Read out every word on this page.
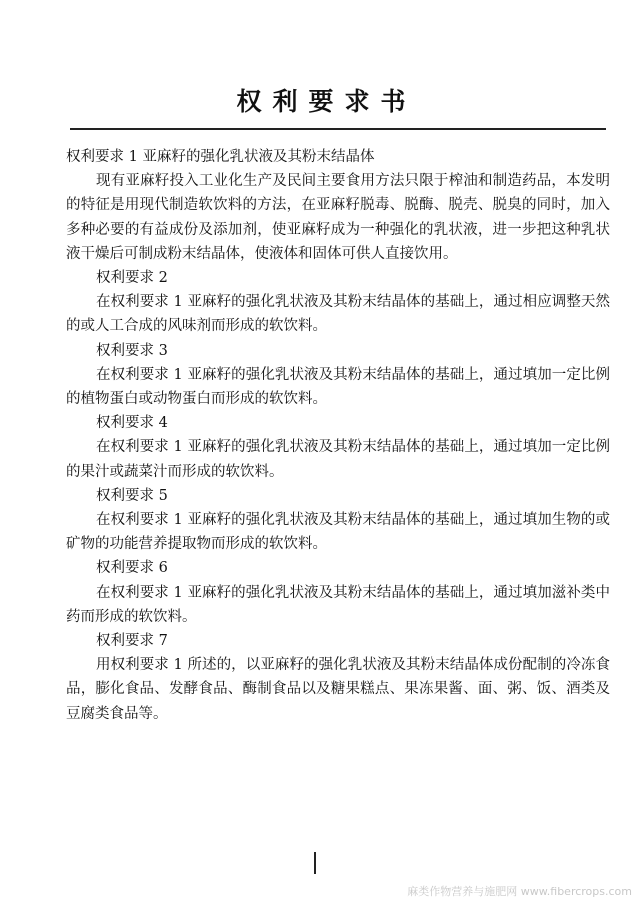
权利要求书

权利要求 1 亚麻籽的强化乳状液及其粉末结晶体

现有亚麻籽投入工业化生产及民间主要食用方法只限于榨油和制造药品，本发明的特征是用现代制造软饮料的方法，在亚麻籽脱毒、脱酶、脱壳、脱臭的同时，加入多种必要的有益成份及添加剂，使亚麻籽成为一种强化的乳状液，进一步把这种乳状液干燥后可制成粉末结晶体，使液体和固体可供人直接饮用。

权利要求 2

在权利要求 1 亚麻籽的强化乳状液及其粉末结晶体的基础上，通过相应调整天然的或人工合成的风味剂而形成的软饮料。

权利要求 3

在权利要求 1 亚麻籽的强化乳状液及其粉末结晶体的基础上，通过填加一定比例的植物蛋白或动物蛋白而形成的软饮料。

权利要求 4

在权利要求 1 亚麻籽的强化乳状液及其粉末结晶体的基础上，通过填加一定比例的果汁或蔬菜汁而形成的软饮料。

权利要求 5

在权利要求 1 亚麻籽的强化乳状液及其粉末结晶体的基础上，通过填加生物的或矿物的功能营养提取物而形成的软饮料。

权利要求 6

在权利要求 1 亚麻籽的强化乳状液及其粉末结晶体的基础上，通过填加滋补类中药而形成的软饮料。

权利要求 7

用权利要求 1 所述的，以亚麻籽的强化乳状液及其粉末结晶体成份配制的冷冻食品，膨化食品、发酵食品、酶制食品以及糖果糕点、果冻果酱、面、粥、饭、酒类及豆腐类食品等。

麻类作物营养与施肥网 www.fibercrops.com
